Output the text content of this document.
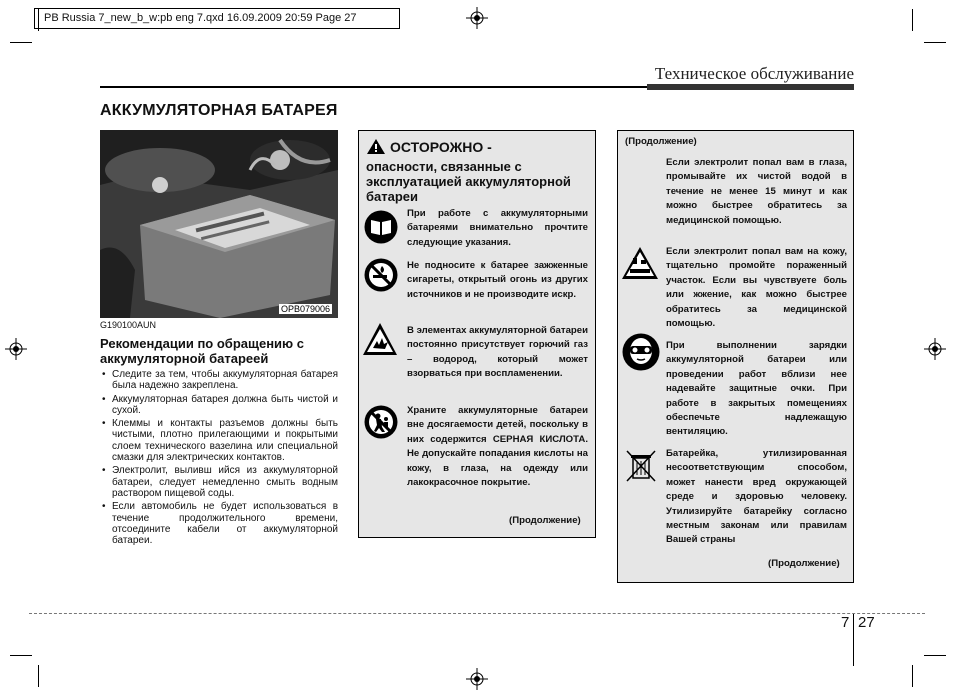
PB Russia 7_new_b_w:pb eng 7.qxd 16.09.2009 20:59 Page 27
Техническое обслуживание
АККУМУЛЯТОРНАЯ БАТАРЕЯ
OPB079006
G190100AUN
Рекомендации по обращению с аккумуляторной батареей
• Следите за тем, чтобы аккумуляторная батарея была надежно закреплена.
• Аккумуляторная батарея должна быть чистой и сухой.
• Клеммы и контакты разъемов должны быть чистыми, плотно прилегающими и покрытыми слоем технического вазелина или специальной смазки для электрических контактов.
• Электролит, выливш ийся из аккумуляторной батареи, следует немедленно смыть водным раствором пищевой соды.
• Если автомобиль не будет использоваться в течение продолжительного времени, отсоедините кабели от аккумуляторной батареи.
ОСТОРОЖНО -
опасности, связанные с эксплуатацией аккумуляторной батареи
При работе с аккумуляторными батареями внимательно прочтите следующие указания.
Не подносите к батарее зажженные сигареты, открытый огонь из других источников и не производите искр.
В элементах аккумуляторной батареи постоянно присутствует горючий газ – водород, который может взорваться при воспламенении.
Храните аккумуляторные батареи вне досягаемости детей, поскольку в них содержится СЕРНАЯ КИСЛОТА. Не допускайте попадания кислоты на кожу, в глаза, на одежду или лакокрасочное покрытие.
(Продолжение)
(Продолжение)
Если электролит попал вам в глаза, промывайте их чистой водой в течение не менее 15 минут и как можно быстрее обратитесь за медицинской помощью.
Если электролит попал вам на кожу, тщательно промойте пораженный участок. Если вы чувствуете боль или жжение, как можно быстрее обратитесь за медицинской помощью.
При выполнении зарядки аккумуляторной батареи или проведении работ вблизи нее надевайте защитные очки. При работе в закрытых помещениях обеспечьте надлежащую вентиляцию.
Батарейка, утилизированная несоответствующим способом, может нанести вред окружающей среде и здоровью человеку. Утилизируйте батарейку согласно местным законам или правилам Вашей страны
(Продолжение)
7 27
